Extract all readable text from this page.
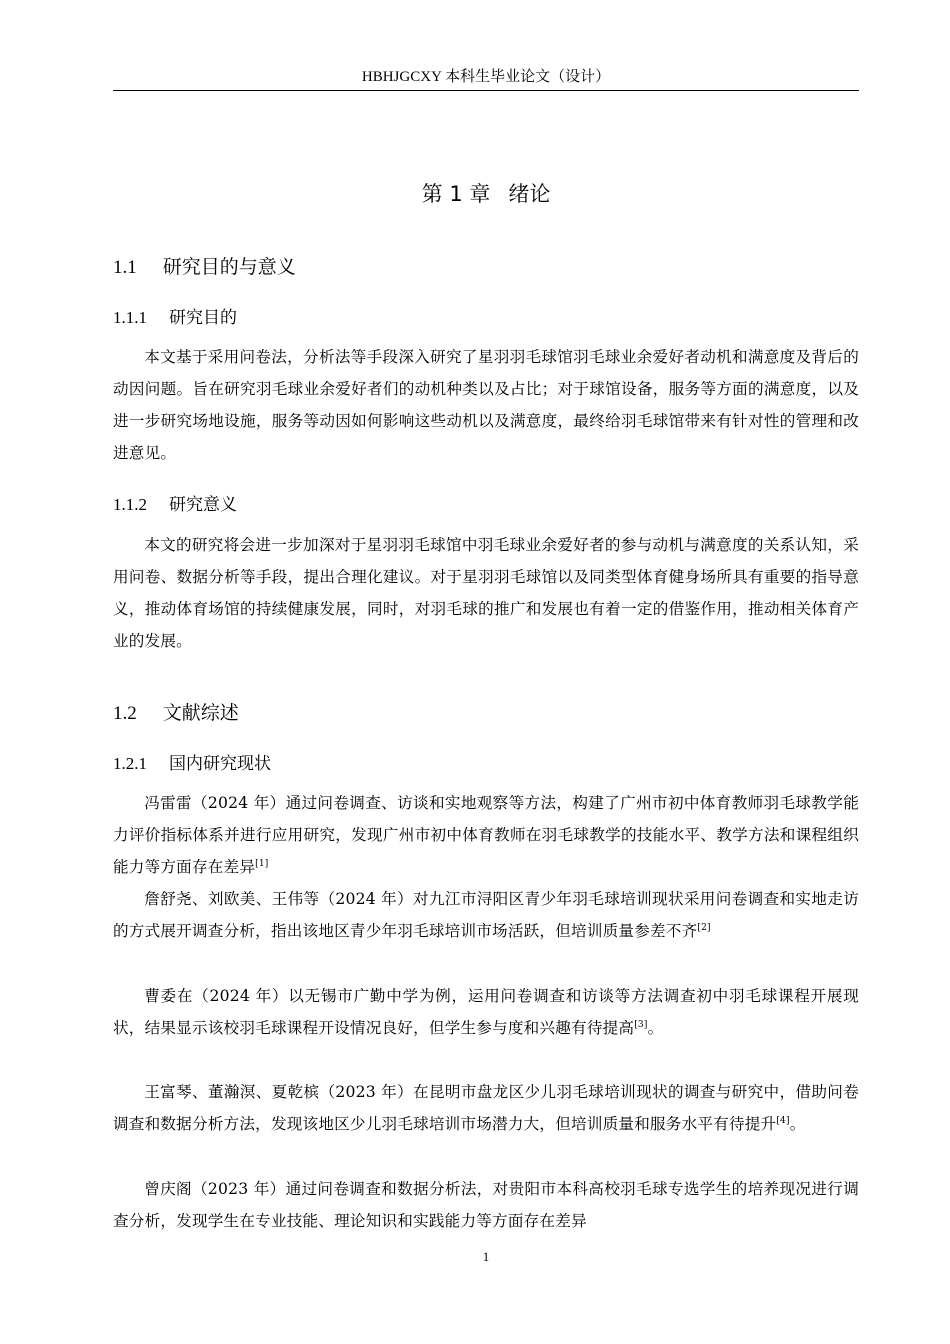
HBHJGCXY 本科生毕业论文（设计）
第 1 章 绪论
1.1 研究目的与意义
1.1.1 研究目的

本文基于采用问卷法，分析法等手段深入研究了星羽羽毛球馆羽毛球业余爱好者动机和满意度及背后的动因问题。旨在研究羽毛球业余爱好者们的动机种类以及占比；对于球馆设备，服务等方面的满意度，以及进一步研究场地设施，服务等动因如何影响这些动机以及满意度，最终给羽毛球馆带来有针对性的管理和改进意见。

1.1.2 研究意义

本文的研究将会进一步加深对于星羽羽毛球馆中羽毛球业余爱好者的参与动机与满意度的关系认知，采用问卷、数据分析等手段，提出合理化建议。对于星羽羽毛球馆以及同类型体育健身场所具有重要的指导意义，推动体育场馆的持续健康发展，同时，对羽毛球的推广和发展也有着一定的借鉴作用，推动相关体育产业的发展。

1.2 文献综述
1.2.1 国内研究现状

冯雷雷（2024 年）通过问卷调查、访谈和实地观察等方法，构建了广州市初中体育教师羽毛球教学能力评价指标体系并进行应用研究，发现广州市初中体育教师在羽毛球教学的技能水平、教学方法和课程组织能力等方面存在差异[1]

詹舒尧、刘欧美、王伟等（2024 年）对九江市浔阳区青少年羽毛球培训现状采用问卷调查和实地走访的方式展开调查分析，指出该地区青少年羽毛球培训市场活跃，但培训质量参差不齐[2]

曹委在（2024 年）以无锡市广勤中学为例，运用问卷调查和访谈等方法调查初中羽毛球课程开展现状，结果显示该校羽毛球课程开设情况良好，但学生参与度和兴趣有待提高[3]。

王富琴、董瀚溟、夏乾槟（2023 年）在昆明市盘龙区少儿羽毛球培训现状的调查与研究中，借助问卷调查和数据分析方法，发现该地区少儿羽毛球培训市场潜力大，但培训质量和服务水平有待提升[4]。

曾庆阁（2023 年）通过问卷调查和数据分析法，对贵阳市本科高校羽毛球专选学生的培养现况进行调查分析，发现学生在专业技能、理论知识和实践能力等方面存在差异

1
